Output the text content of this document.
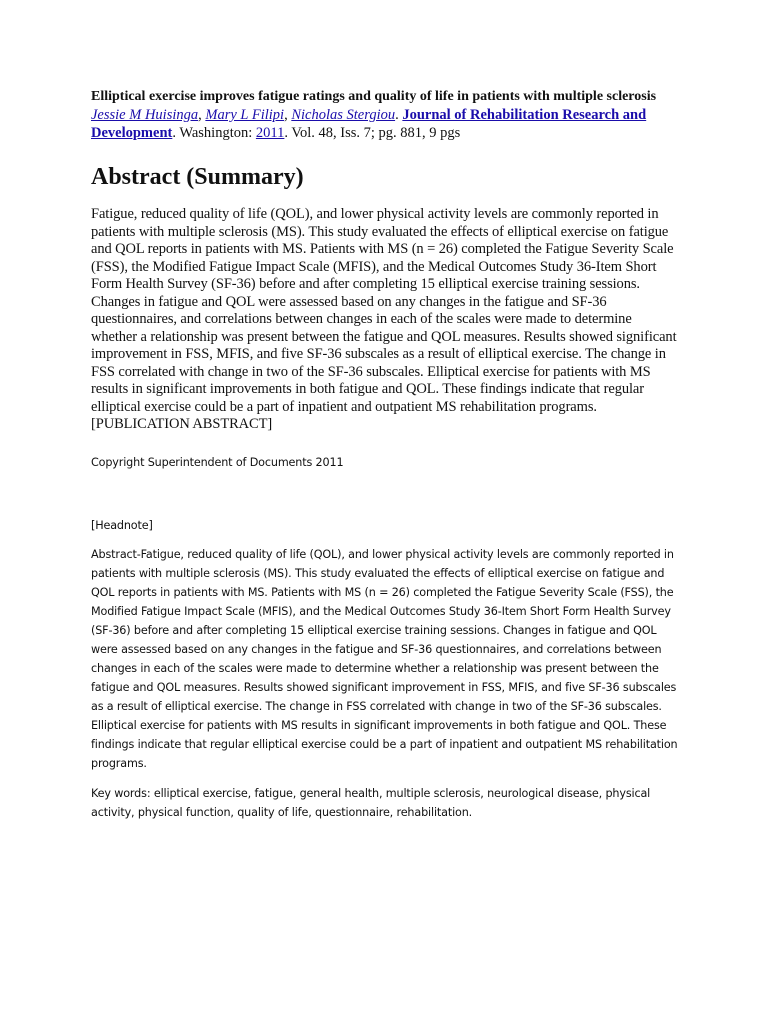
Elliptical exercise improves fatigue ratings and quality of life in patients with multiple sclerosis

Jessie M Huisinga, Mary L Filipi, Nicholas Stergiou. Journal of Rehabilitation Research and Development. Washington: 2011. Vol. 48, Iss. 7; pg. 881, 9 pgs

Abstract (Summary)

Fatigue, reduced quality of life (QOL), and lower physical activity levels are commonly reported in patients with multiple sclerosis (MS). This study evaluated the effects of elliptical exercise on fatigue and QOL reports in patients with MS. Patients with MS (n = 26) completed the Fatigue Severity Scale (FSS), the Modified Fatigue Impact Scale (MFIS), and the Medical Outcomes Study 36-Item Short Form Health Survey (SF-36) before and after completing 15 elliptical exercise training sessions. Changes in fatigue and QOL were assessed based on any changes in the fatigue and SF-36 questionnaires, and correlations between changes in each of the scales were made to determine whether a relationship was present between the fatigue and QOL measures. Results showed significant improvement in FSS, MFIS, and five SF-36 subscales as a result of elliptical exercise. The change in FSS correlated with change in two of the SF-36 subscales. Elliptical exercise for patients with MS results in significant improvements in both fatigue and QOL. These findings indicate that regular elliptical exercise could be a part of inpatient and outpatient MS rehabilitation programs. [PUBLICATION ABSTRACT]

Copyright Superintendent of Documents 2011

[Headnote]

Abstract-Fatigue, reduced quality of life (QOL), and lower physical activity levels are commonly reported in patients with multiple sclerosis (MS). This study evaluated the effects of elliptical exercise on fatigue and QOL reports in patients with MS. Patients with MS (n = 26) completed the Fatigue Severity Scale (FSS), the Modified Fatigue Impact Scale (MFIS), and the Medical Outcomes Study 36-Item Short Form Health Survey (SF-36) before and after completing 15 elliptical exercise training sessions. Changes in fatigue and QOL were assessed based on any changes in the fatigue and SF-36 questionnaires, and correlations between changes in each of the scales were made to determine whether a relationship was present between the fatigue and QOL measures. Results showed significant improvement in FSS, MFIS, and five SF-36 subscales as a result of elliptical exercise. The change in FSS correlated with change in two of the SF-36 subscales. Elliptical exercise for patients with MS results in significant improvements in both fatigue and QOL. These findings indicate that regular elliptical exercise could be a part of inpatient and outpatient MS rehabilitation programs.

Key words: elliptical exercise, fatigue, general health, multiple sclerosis, neurological disease, physical activity, physical function, quality of life, questionnaire, rehabilitation.
